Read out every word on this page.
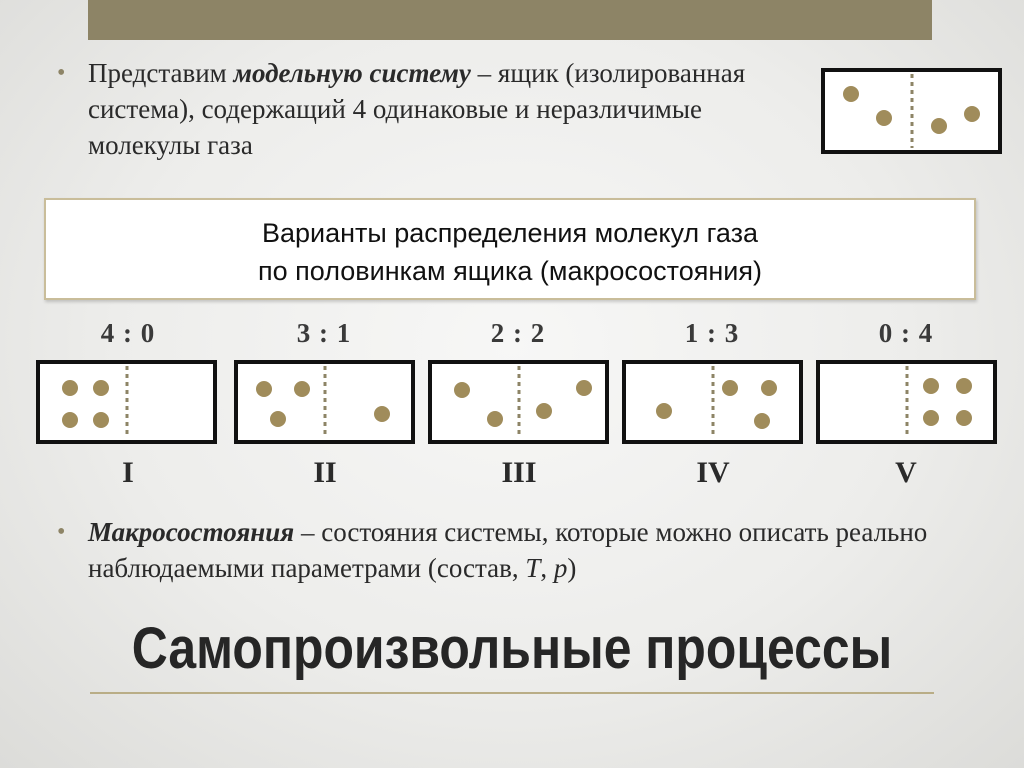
• Представим модельную систему – ящик (изолированная система), содержащий 4 одинаковые и неразличимые молекулы газа
Варианты распределения молекул газа
по половинкам ящика (макросостояния)
4 : 0	3 : 1	2 : 2	1 : 3	0 : 4
I	II	III	IV	V
• Макросостояния – состояния системы, которые можно описать реально наблюдаемыми параметрами (состав, T, p)
Самопроизвольные процессы
